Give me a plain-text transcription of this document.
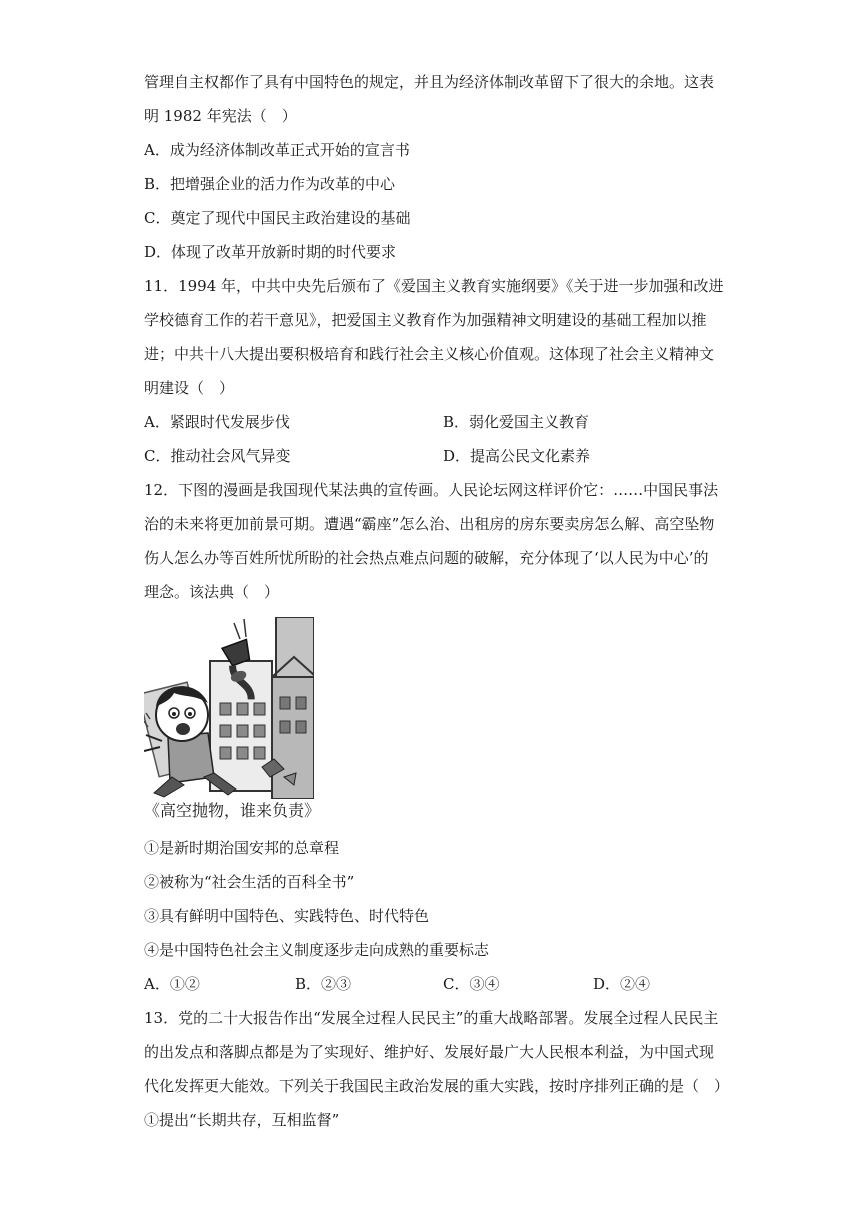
管理自主权都作了具有中国特色的规定，并且为经济体制改革留下了很大的余地。这表
明 1982 年宪法（　）
A．成为经济体制改革正式开始的宣言书
B．把增强企业的活力作为改革的中心
C．奠定了现代中国民主政治建设的基础
D．体现了改革开放新时期的时代要求
11．1994 年，中共中央先后颁布了《爱国主义教育实施纲要》《关于进一步加强和改进
学校德育工作的若干意见》，把爱国主义教育作为加强精神文明建设的基础工程加以推
进；中共十八大提出要积极培育和践行社会主义核心价值观。这体现了社会主义精神文
明建设（　）
A．紧跟时代发展步伐	B．弱化爱国主义教育
C．推动社会风气异变	D．提高公民文化素养
12．下图的漫画是我国现代某法典的宣传画。人民论坛网这样评价它：……中国民事法
治的未来将更加前景可期。遭遇“霸座”怎么治、出租房的房东要卖房怎么解、高空坠物
伤人怎么办等百姓所忧所盼的社会热点难点问题的破解，充分体现了‘以人民为中心’的
理念。该法典（　）
《高空抛物，谁来负责》
①是新时期治国安邦的总章程
②被称为“社会生活的百科全书”
③具有鲜明中国特色、实践特色、时代特色
④是中国特色社会主义制度逐步走向成熟的重要标志
A．①②	B．②③	C．③④	D．②④
13．党的二十大报告作出“发展全过程人民民主”的重大战略部署。发展全过程人民民主
的出发点和落脚点都是为了实现好、维护好、发展好最广大人民根本利益，为中国式现
代化发挥更大能效。下列关于我国民主政治发展的重大实践，按时序排列正确的是（　）
①提出“长期共存，互相监督”
